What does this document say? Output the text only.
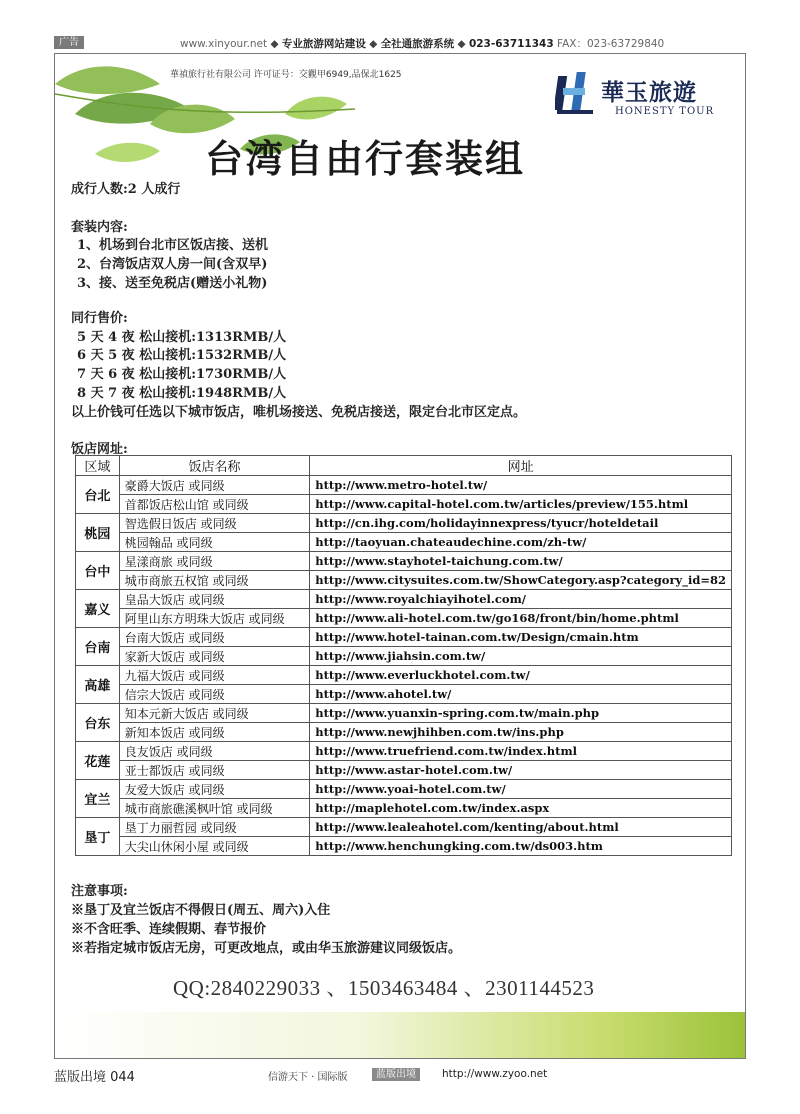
广告	www.xinyour.net ◆ 专业旅游网站建设 ◆ 全社通旅游系统 ◆ 023-63711343 FAX：023-63729840
華禎旅行社有限公司 许可证号：交觀甲6949,品保北1625
華玉旅遊
HONESTY TOUR
台湾自由行套装组
成行人数:2 人成行
套装内容:
1、机场到台北市区饭店接、送机
2、台湾饭店双人房一间(含双早)
3、接、送至免税店(赠送小礼物)
同行售价:
5 天 4 夜 松山接机:1313RMB/人
6 天 5 夜 松山接机:1532RMB/人
7 天 6 夜 松山接机:1730RMB/人
8 天 7 夜 松山接机:1948RMB/人
以上价钱可任选以下城市饭店，唯机场接送、免税店接送，限定台北市区定点。
饭店网址:
区域	饭店名称	网址
台北	豪爵大饭店 或同级	http://www.metro-hotel.tw/
	首都饭店松山馆 或同级	http://www.capital-hotel.com.tw/articles/preview/155.html
桃园	智选假日饭店 或同级	http://cn.ihg.com/holidayinnexpress/tyucr/hoteldetail
	桃园翰品 或同级	http://taoyuan.chateaudechine.com/zh-tw/
台中	星漾商旅 或同级	http://www.stayhotel-taichung.com.tw/
	城市商旅五权馆 或同级	http://www.citysuites.com.tw/ShowCategory.asp?category_id=82
嘉义	皇品大饭店 或同级	http://www.royalchiayihotel.com/
	阿里山东方明珠大饭店 或同级	http://www.ali-hotel.com.tw/go168/front/bin/home.phtml
台南	台南大饭店 或同级	http://www.hotel-tainan.com.tw/Design/cmain.htm
	家新大饭店 或同级	http://www.jiahsin.com.tw/
高雄	九福大饭店 或同级	http://www.everluckhotel.com.tw/
	信宗大饭店 或同级	http://www.ahotel.tw/
台东	知本元新大饭店 或同级	http://www.yuanxin-spring.com.tw/main.php
	新知本饭店 或同级	http://www.newjhihben.com.tw/ins.php
花莲	良友饭店 或同级	http://www.truefriend.com.tw/index.html
	亚士都饭店 或同级	http://www.astar-hotel.com.tw/
宜兰	友爱大饭店 或同级	http://www.yoai-hotel.com.tw/
	城市商旅礁溪枫叶馆 或同级	http://maplehotel.com.tw/index.aspx
垦丁	垦丁力丽哲园 或同级	http://www.lealeahotel.com/kenting/about.html
	大尖山休闲小屋 或同级	http://www.henchungking.com.tw/ds003.htm
注意事项:
※垦丁及宜兰饭店不得假日(周五、周六)入住
※不含旺季、连续假期、春节报价
※若指定城市饭店无房，可更改地点，或由华玉旅游建议同级饭店。
QQ:2840229033 、1503463484 、2301144523
蓝版出境 044	信游天下 · 国际版	蓝版出境	http://www.zyoo.net
